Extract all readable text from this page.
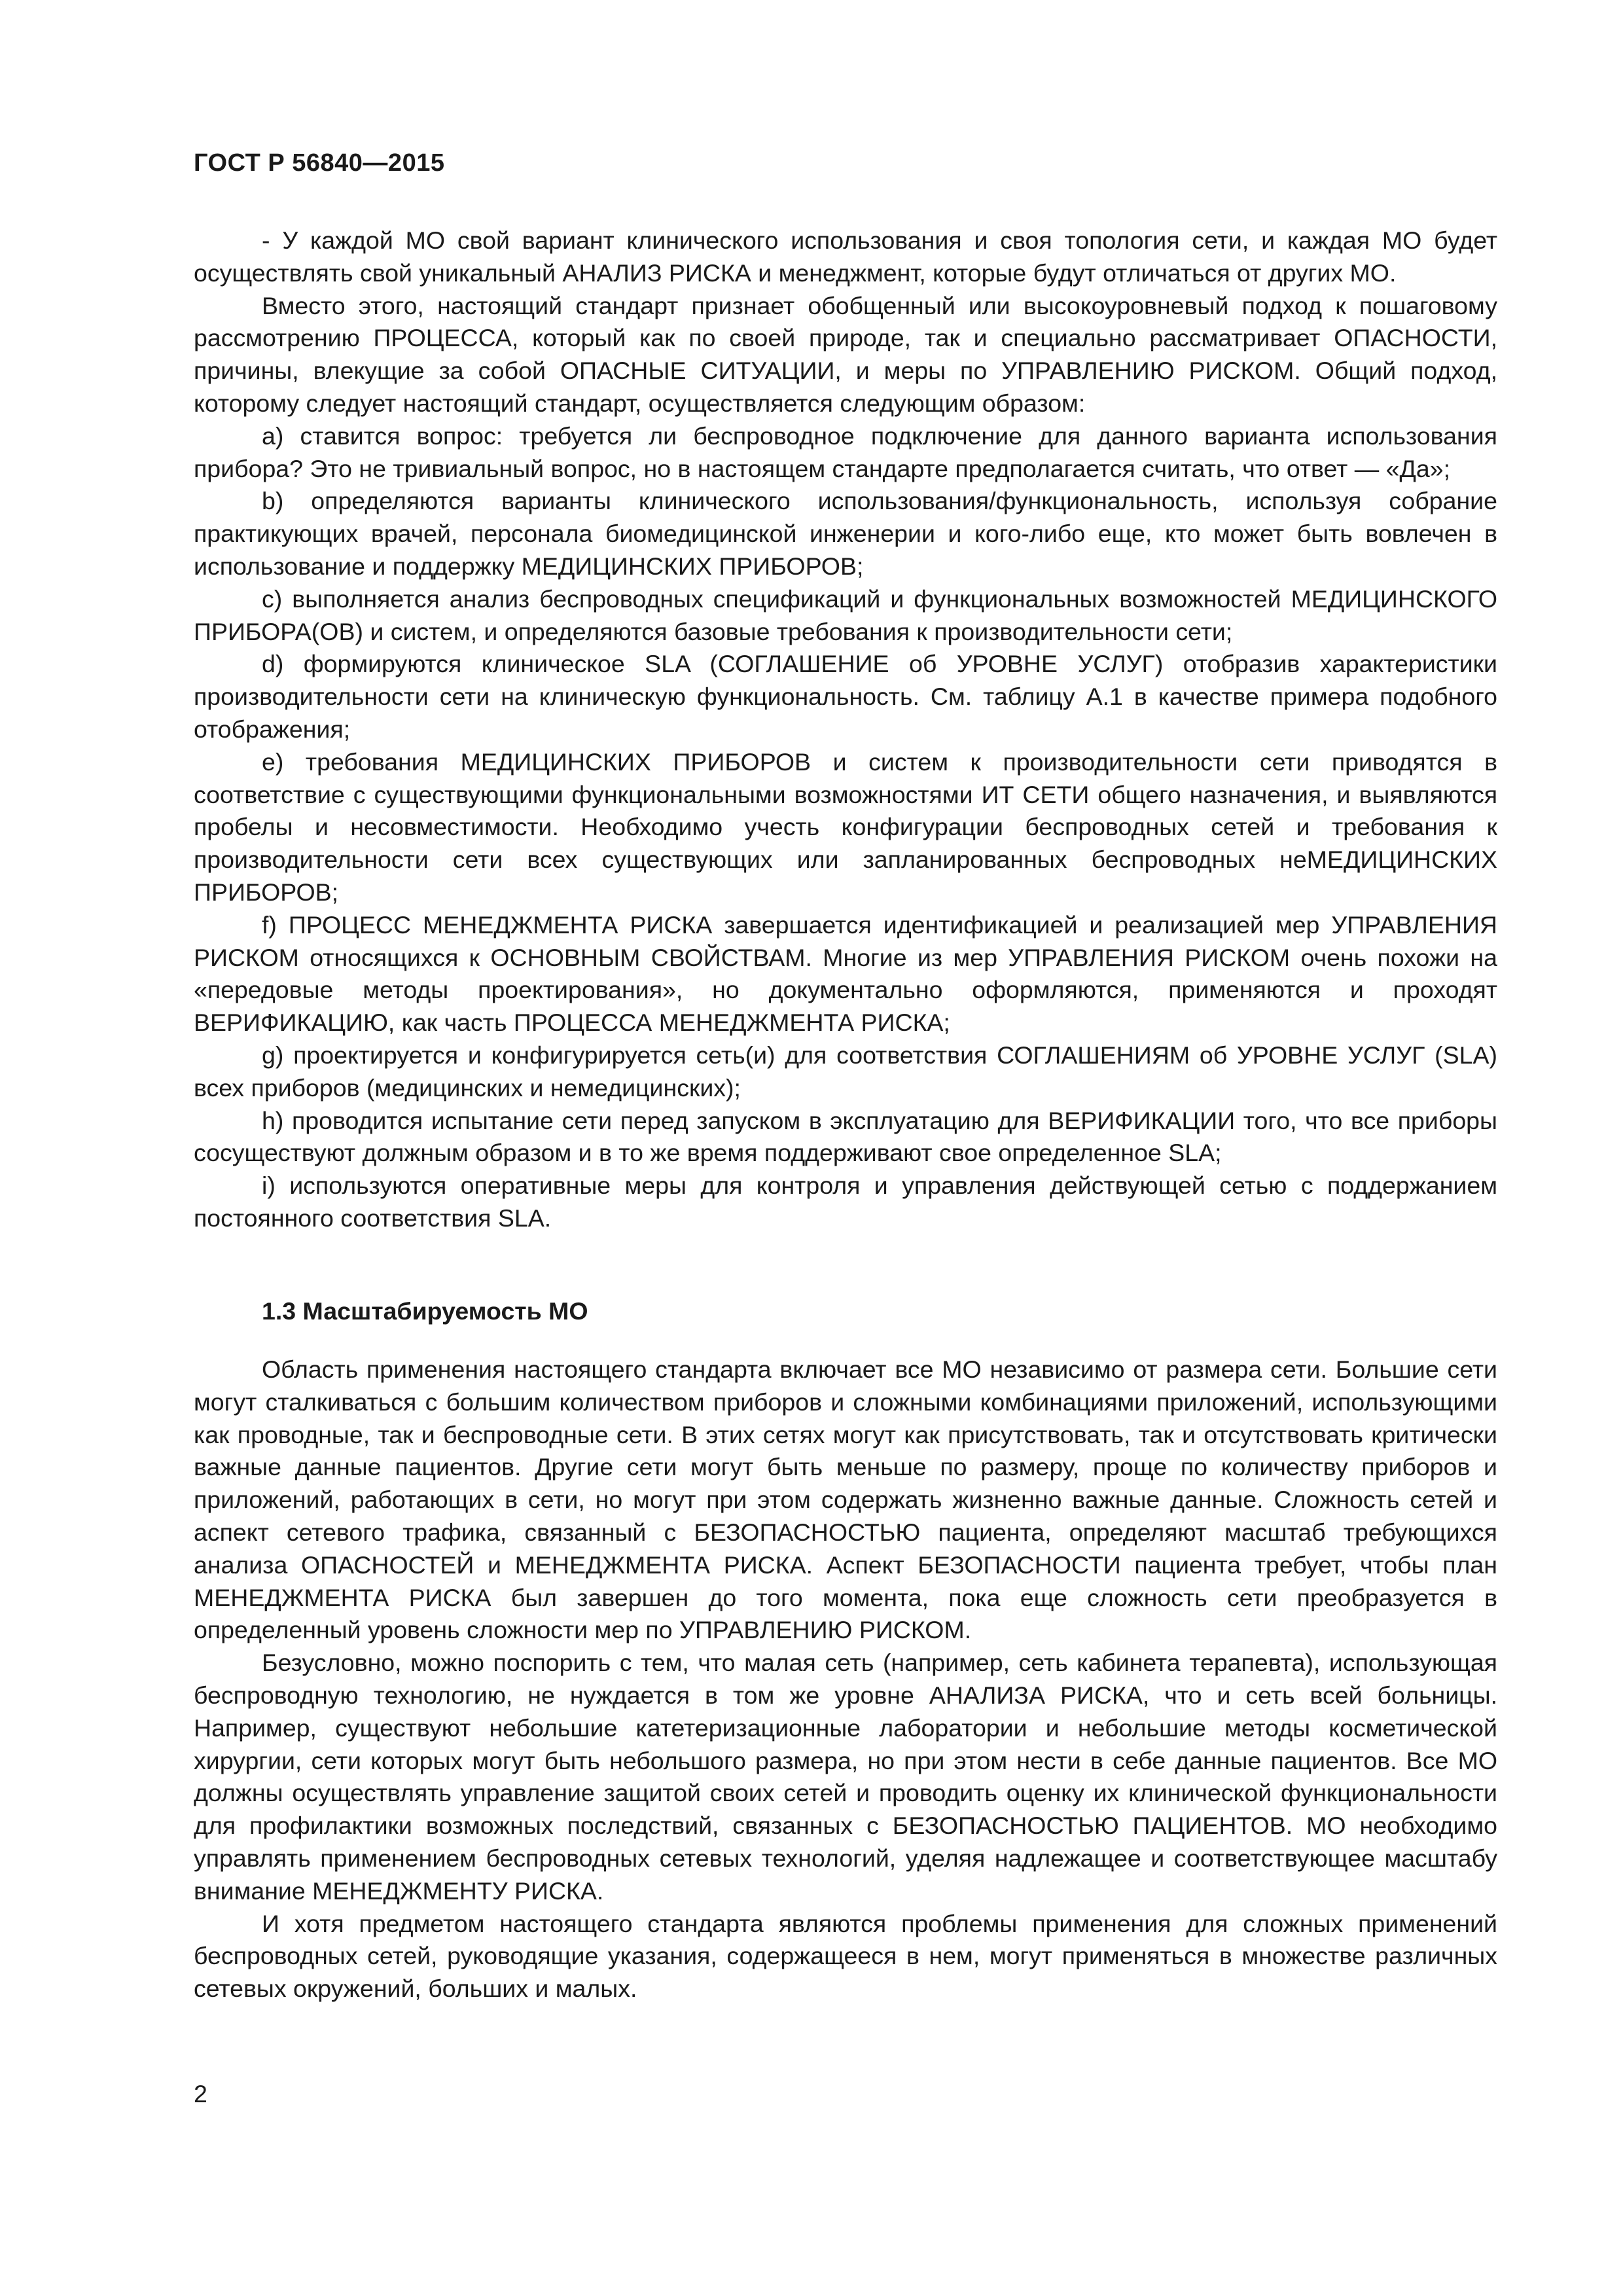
ГОСТ Р 56840—2015

- У каждой МО свой вариант клинического использования и своя топология сети, и каждая МО будет осуществлять свой уникальный АНАЛИЗ РИСКА и менеджмент, которые будут отличаться от других МО.

Вместо этого, настоящий стандарт признает обобщенный или высокоуровневый подход к пошаговому рассмотрению ПРОЦЕССА, который как по своей природе, так и специально рассматривает ОПАСНОСТИ, причины, влекущие за собой ОПАСНЫЕ СИТУАЦИИ, и меры по УПРАВЛЕНИЮ РИСКОМ. Общий подход, которому следует настоящий стандарт, осуществляется следующим образом:

а) ставится вопрос: требуется ли беспроводное подключение для данного варианта использования прибора? Это не тривиальный вопрос, но в настоящем стандарте предполагается считать, что ответ — «Да»;

b) определяются варианты клинического использования/функциональность, используя собрание практикующих врачей, персонала биомедицинской инженерии и кого-либо еще, кто может быть вовлечен в использование и поддержку МЕДИЦИНСКИХ ПРИБОРОВ;

с) выполняется анализ беспроводных спецификаций и функциональных возможностей МЕДИЦИНСКОГО ПРИБОРА(ОВ) и систем, и определяются базовые требования к производительности сети;

d) формируются клиническое SLA (СОГЛАШЕНИЕ об УРОВНЕ УСЛУГ) отобразив характеристики производительности сети на клиническую функциональность. См. таблицу А.1 в качестве примера подобного отображения;

е) требования МЕДИЦИНСКИХ ПРИБОРОВ и систем к производительности сети приводятся в соответствие с существующими функциональными возможностями ИТ СЕТИ общего назначения, и выявляются пробелы и несовместимости. Необходимо учесть конфигурации беспроводных сетей и требования к производительности сети всех существующих или запланированных беспроводных неМЕДИЦИНСКИХ ПРИБОРОВ;

f) ПРОЦЕСС МЕНЕДЖМЕНТА РИСКА завершается идентификацией и реализацией мер УПРАВЛЕНИЯ РИСКОМ относящихся к ОСНОВНЫМ СВОЙСТВАМ. Многие из мер УПРАВЛЕНИЯ РИСКОМ очень похожи на «передовые методы проектирования», но документально оформляются, применяются и проходят ВЕРИФИКАЦИЮ, как часть ПРОЦЕССА МЕНЕДЖМЕНТА РИСКА;

g) проектируется и конфигурируется сеть(и) для соответствия СОГЛАШЕНИЯМ об УРОВНЕ УСЛУГ (SLA) всех приборов (медицинских и немедицинских);

h) проводится испытание сети перед запуском в эксплуатацию для ВЕРИФИКАЦИИ того, что все приборы сосуществуют должным образом и в то же время поддерживают свое определенное SLA;

i) используются оперативные меры для контроля и управления действующей сетью с поддержанием постоянного соответствия SLA.

1.3 Масштабируемость МО

Область применения настоящего стандарта включает все МО независимо от размера сети. Большие сети могут сталкиваться с большим количеством приборов и сложными комбинациями приложений, использующими как проводные, так и беспроводные сети. В этих сетях могут как присутствовать, так и отсутствовать критически важные данные пациентов. Другие сети могут быть меньше по размеру, проще по количеству приборов и приложений, работающих в сети, но могут при этом содержать жизненно важные данные. Сложность сетей и аспект сетевого трафика, связанный с БЕЗОПАСНОСТЬЮ пациента, определяют масштаб требующихся анализа ОПАСНОСТЕЙ и МЕНЕДЖМЕНТА РИСКА. Аспект БЕЗОПАСНОСТИ пациента требует, чтобы план МЕНЕДЖМЕНТА РИСКА был завершен до того момента, пока еще сложность сети преобразуется в определенный уровень сложности мер по УПРАВЛЕНИЮ РИСКОМ.

Безусловно, можно поспорить с тем, что малая сеть (например, сеть кабинета терапевта), использующая беспроводную технологию, не нуждается в том же уровне АНАЛИЗА РИСКА, что и сеть всей больницы. Например, существуют небольшие катетеризационные лаборатории и небольшие методы косметической хирургии, сети которых могут быть небольшого размера, но при этом нести в себе данные пациентов. Все МО должны осуществлять управление защитой своих сетей и проводить оценку их клинической функциональности для профилактики возможных последствий, связанных с БЕЗОПАСНОСТЬЮ ПАЦИЕНТОВ. МО необходимо управлять применением беспроводных сетевых технологий, уделяя надлежащее и соответствующее масштабу внимание МЕНЕДЖМЕНТУ РИСКА.

И хотя предметом настоящего стандарта являются проблемы применения для сложных применений беспроводных сетей, руководящие указания, содержащееся в нем, могут применяться в множестве различных сетевых окружений, больших и малых.

2
